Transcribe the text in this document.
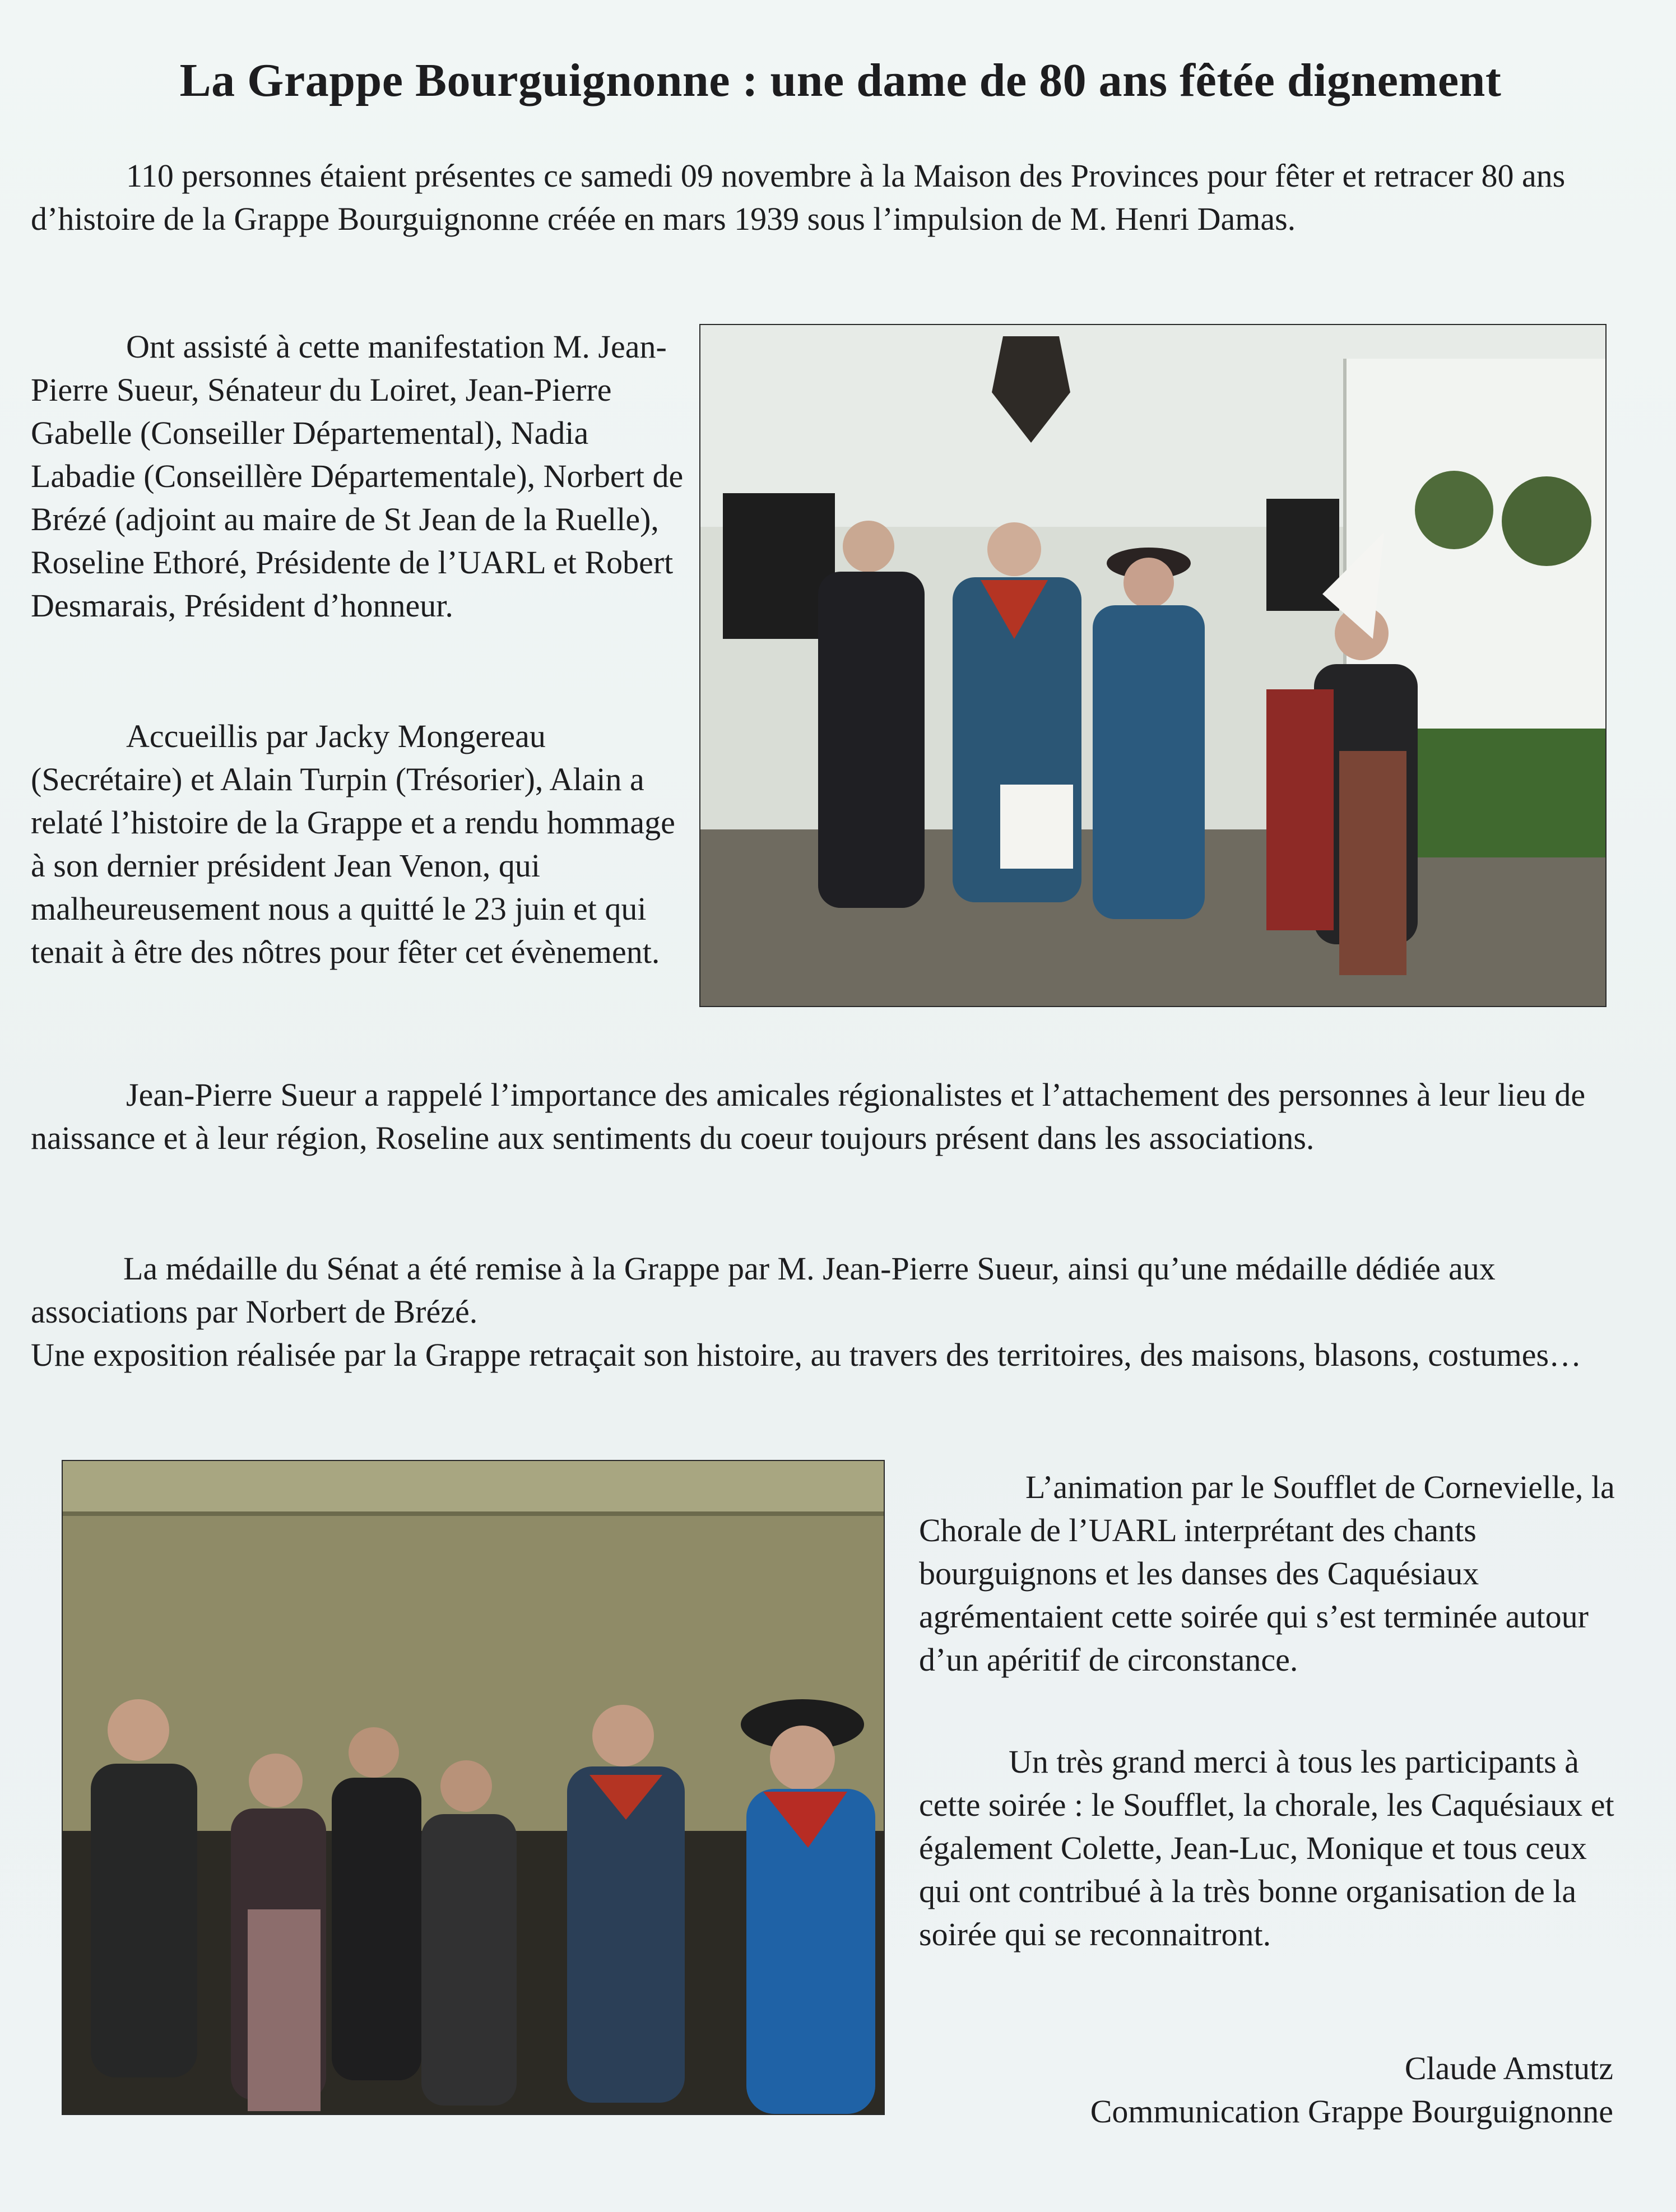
La Grappe Bourguignonne : une dame de 80 ans fêtée dignement

110 personnes étaient présentes ce samedi 09 novembre à la Maison des Provinces pour fêter et retracer 80 ans d’histoire de la Grappe Bourguignonne créée en mars 1939 sous l’impulsion de M. Henri Damas.

Ont assisté à cette manifestation M. Jean-Pierre Sueur, Sénateur du Loiret, Jean-Pierre Gabelle (Conseiller Départemental), Nadia Labadie (Conseillère Départementale), Norbert de Brézé (adjoint au maire de St Jean de la Ruelle), Roseline Ethoré, Présidente de l’UARL et Robert Desmarais, Président d’honneur.

Accueillis par Jacky Mongereau (Secrétaire) et Alain Turpin (Trésorier), Alain a relaté l’histoire de la Grappe et a rendu hommage à son dernier président Jean Venon, qui malheureusement nous a quitté le 23 juin et qui tenait à être des nôtres pour fêter cet évènement.

Jean-Pierre Sueur a rappelé l’importance des amicales régionalistes et l’attachement des personnes à leur lieu de naissance et à leur région, Roseline aux sentiments du coeur toujours présent dans les associations.

La médaille du Sénat a été remise à la Grappe par M. Jean-Pierre Sueur, ainsi qu’une médaille dédiée aux associations par Norbert de Brézé.
Une exposition réalisée par la Grappe retraçait son histoire, au travers des territoires, des maisons, blasons, costumes…
L’animation par le Soufflet de Cornevielle, la Chorale de l’UARL interprétant des chants bourguignons et les danses des Caquésiaux agrémentaient cette soirée qui s’est terminée autour d’un apéritif de circonstance.

Un très grand merci à tous les participants à cette soirée : le Soufflet, la chorale, les Caquésiaux et également Colette, Jean-Luc, Monique et tous ceux qui ont contribué à la très bonne organisation de la soirée qui se reconnaitront.

Claude Amstutz

Communication Grappe Bourguignonne
